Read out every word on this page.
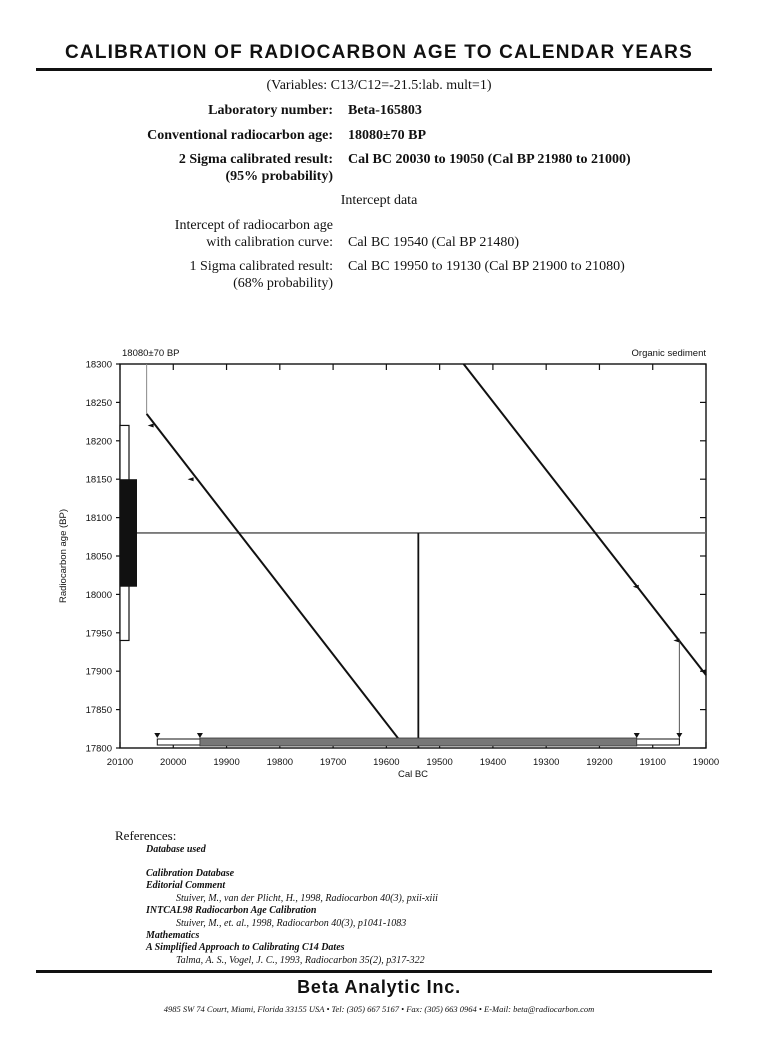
CALIBRATION OF RADIOCARBON AGE TO CALENDAR YEARS
(Variables: C13/C12=-21.5:lab. mult=1)
Laboratory number: Beta-165803
Conventional radiocarbon age: 18080±70 BP
2 Sigma calibrated result: Cal BC 20030 to 19050 (Cal BP 21980 to 21000)
(95% probability)
Intercept data
Intercept of radiocarbon age
with calibration curve: Cal BC 19540 (Cal BP 21480)
1 Sigma calibrated result: Cal BC 19950 to 19130 (Cal BP 21900 to 21080)
(68% probability)
20100	20000	19900	19800	19700	19600	19500	19400	19300	19200	19100	19000
17800
17850
17900
17950
18000
18050
18100
18150
18200
18250
18300
Cal BC
Radiocarbon age (BP)
18080±70 BP	Organic sediment
References:
Database used
Calibration Database
Editorial Comment
Stuiver, M., van der Plicht, H., 1998, Radiocarbon 40(3), pxii-xiii
INTCAL98 Radiocarbon Age Calibration
Stuiver, M., et. al., 1998, Radiocarbon 40(3), p1041-1083
Mathematics
A Simplified Approach to Calibrating C14 Dates
Talma, A. S., Vogel, J. C., 1993, Radiocarbon 35(2), p317-322
Beta Analytic Inc.
4985 SW 74 Court, Miami, Florida 33155 USA • Tel: (305) 667 5167 • Fax: (305) 663 0964 • E-Mail: beta@radiocarbon.com
